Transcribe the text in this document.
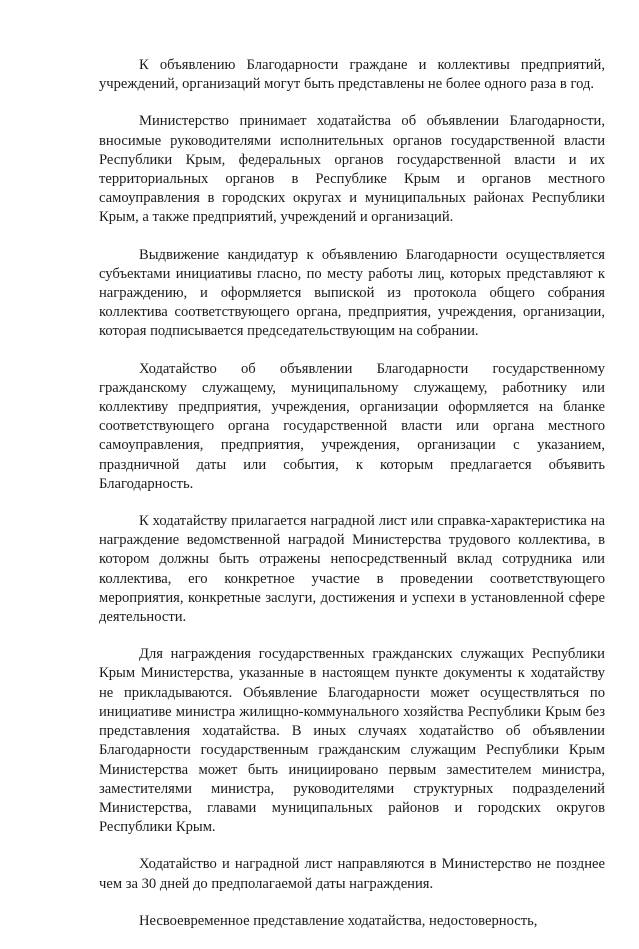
К объявлению Благодарности граждане и коллективы предприятий, учреждений, организаций могут быть представлены не более одного раза в год.

Министерство принимает ходатайства об объявлении Благодарности, вносимые руководителями исполнительных органов государственной власти Республики Крым, федеральных органов государственной власти и их территориальных органов в Республике Крым и органов местного самоуправления в городских округах и муниципальных районах Республики Крым, а также предприятий, учреждений и организаций.

Выдвижение кандидатур к объявлению Благодарности осуществляется субъектами инициативы гласно, по месту работы лиц, которых представляют к награждению, и оформляется выпиской из протокола общего собрания коллектива соответствующего органа, предприятия, учреждения, организации, которая подписывается председательствующим на собрании.

Ходатайство об объявлении Благодарности государственному гражданскому служащему, муниципальному служащему, работнику или коллективу предприятия, учреждения, организации оформляется на бланке соответствующего органа государственной власти или органа местного самоуправления, предприятия, учреждения, организации с указанием, праздничной даты или события, к которым предлагается объявить Благодарность.

К ходатайству прилагается наградной лист или справка-характеристика на награждение ведомственной наградой Министерства трудового коллектива, в котором должны быть отражены непосредственный вклад сотрудника или коллектива, его конкретное участие в проведении соответствующего мероприятия, конкретные заслуги, достижения и успехи в установленной сфере деятельности.

Для награждения государственных гражданских служащих Республики Крым Министерства, указанные в настоящем пункте документы к ходатайству не прикладываются. Объявление Благодарности может осуществляться по инициативе министра жилищно-коммунального хозяйства Республики Крым без представления ходатайства. В иных случаях ходатайство об объявлении Благодарности государственным гражданским служащим Республики Крым Министерства может быть инициировано первым заместителем министра, заместителями министра, руководителями структурных подразделений Министерства, главами муниципальных районов и городских округов Республики Крым.

Ходатайство и наградной лист направляются в Министерство не позднее чем за 30 дней до предполагаемой даты награждения.

Несвоевременное представление ходатайства, недостоверность,
